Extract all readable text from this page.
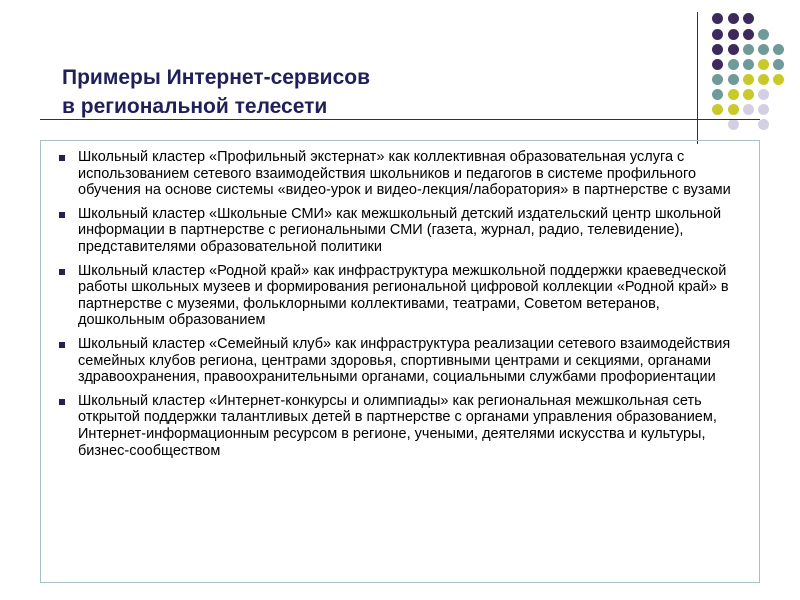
Примеры Интернет-сервисов
в региональной телесети
Школьный кластер «Профильный экстернат» как коллективная образовательная услуга с использованием сетевого взаимодействия школьников и педагогов в системе профильного обучения на основе системы «видео-урок и видео-лекция/лаборатория» в партнерстве с вузами
Школьный кластер «Школьные СМИ» как межшкольный детский издательский центр школьной информации в партнерстве с региональными СМИ (газета, журнал, радио, телевидение), представителями образовательной политики
Школьный кластер «Родной край» как инфраструктура межшкольной поддержки краеведческой работы школьных музеев и формирования региональной цифровой коллекции «Родной край» в партнерстве с музеями, фольклорными коллективами, театрами, Советом ветеранов, дошкольным образованием
Школьный кластер «Семейный клуб» как инфраструктура реализации сетевого взаимодействия семейных клубов региона, центрами здоровья, спортивными центрами и секциями, органами здравоохранения, правоохранительными органами, социальными службами профориентации
Школьный кластер «Интернет-конкурсы и олимпиады» как региональная межшкольная сеть открытой поддержки талантливых детей в партнерстве с органами управления образованием, Интернет-информационным ресурсом в регионе, учеными, деятелями искусства и культуры, бизнес-сообществом
